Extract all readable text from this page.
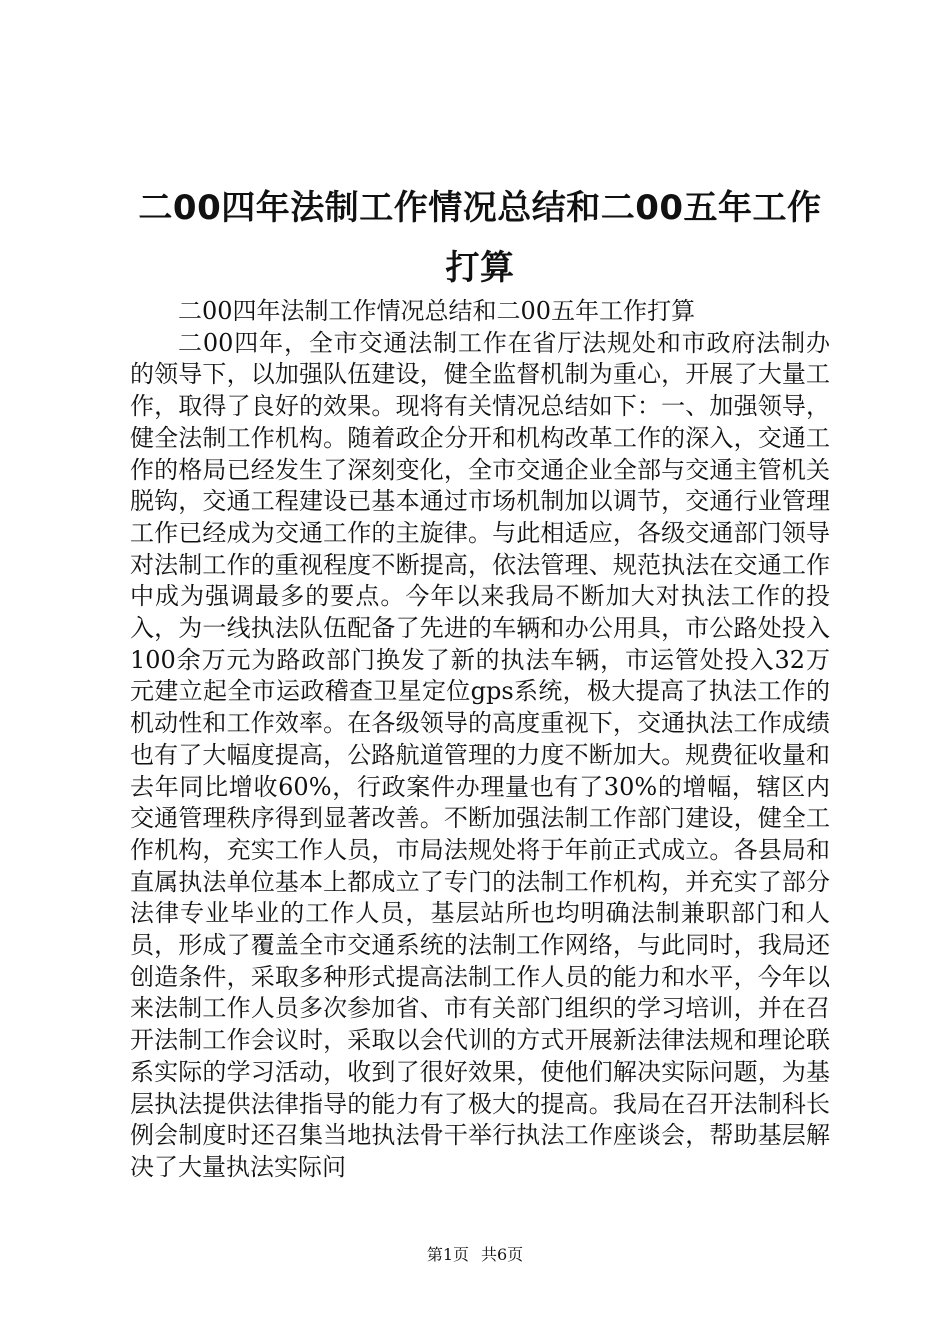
二00四年法制工作情况总结和二00五年工作打算

二00四年法制工作情况总结和二00五年工作打算

二00四年，全市交通法制工作在省厅法规处和市政府法制办的领导下，以加强队伍建设，健全监督机制为重心，开展了大量工作，取得了良好的效果。现将有关情况总结如下：一、加强领导，健全法制工作机构。随着政企分开和机构改革工作的深入，交通工作的格局已经发生了深刻变化，全市交通企业全部与交通主管机关脱钩，交通工程建设已基本通过市场机制加以调节，交通行业管理工作已经成为交通工作的主旋律。与此相适应，各级交通部门领导对法制工作的重视程度不断提高，依法管理、规范执法在交通工作中成为强调最多的要点。今年以来我局不断加大对执法工作的投入，为一线执法队伍配备了先进的车辆和办公用具，市公路处投入100余万元为路政部门换发了新的执法车辆，市运管处投入32万元建立起全市运政稽查卫星定位gps系统，极大提高了执法工作的机动性和工作效率。在各级领导的高度重视下，交通执法工作成绩也有了大幅度提高，公路航道管理的力度不断加大。规费征收量和去年同比增收60%，行政案件办理量也有了30%的增幅，辖区内交通管理秩序得到显著改善。不断加强法制工作部门建设，健全工作机构，充实工作人员，市局法规处将于年前正式成立。各县局和直属执法单位基本上都成立了专门的法制工作机构，并充实了部分法律专业毕业的工作人员，基层站所也均明确法制兼职部门和人员，形成了覆盖全市交通系统的法制工作网络，与此同时，我局还创造条件，采取多种形式提高法制工作人员的能力和水平，今年以来法制工作人员多次参加省、市有关部门组织的学习培训，并在召开法制工作会议时，采取以会代训的方式开展新法律法规和理论联系实际的学习活动，收到了很好效果，使他们解决实际问题，为基层执法提供法律指导的能力有了极大的提高。我局在召开法制科长例会制度时还召集当地执法骨干举行执法工作座谈会，帮助基层解决了大量执法实际问

第1页 共6页
